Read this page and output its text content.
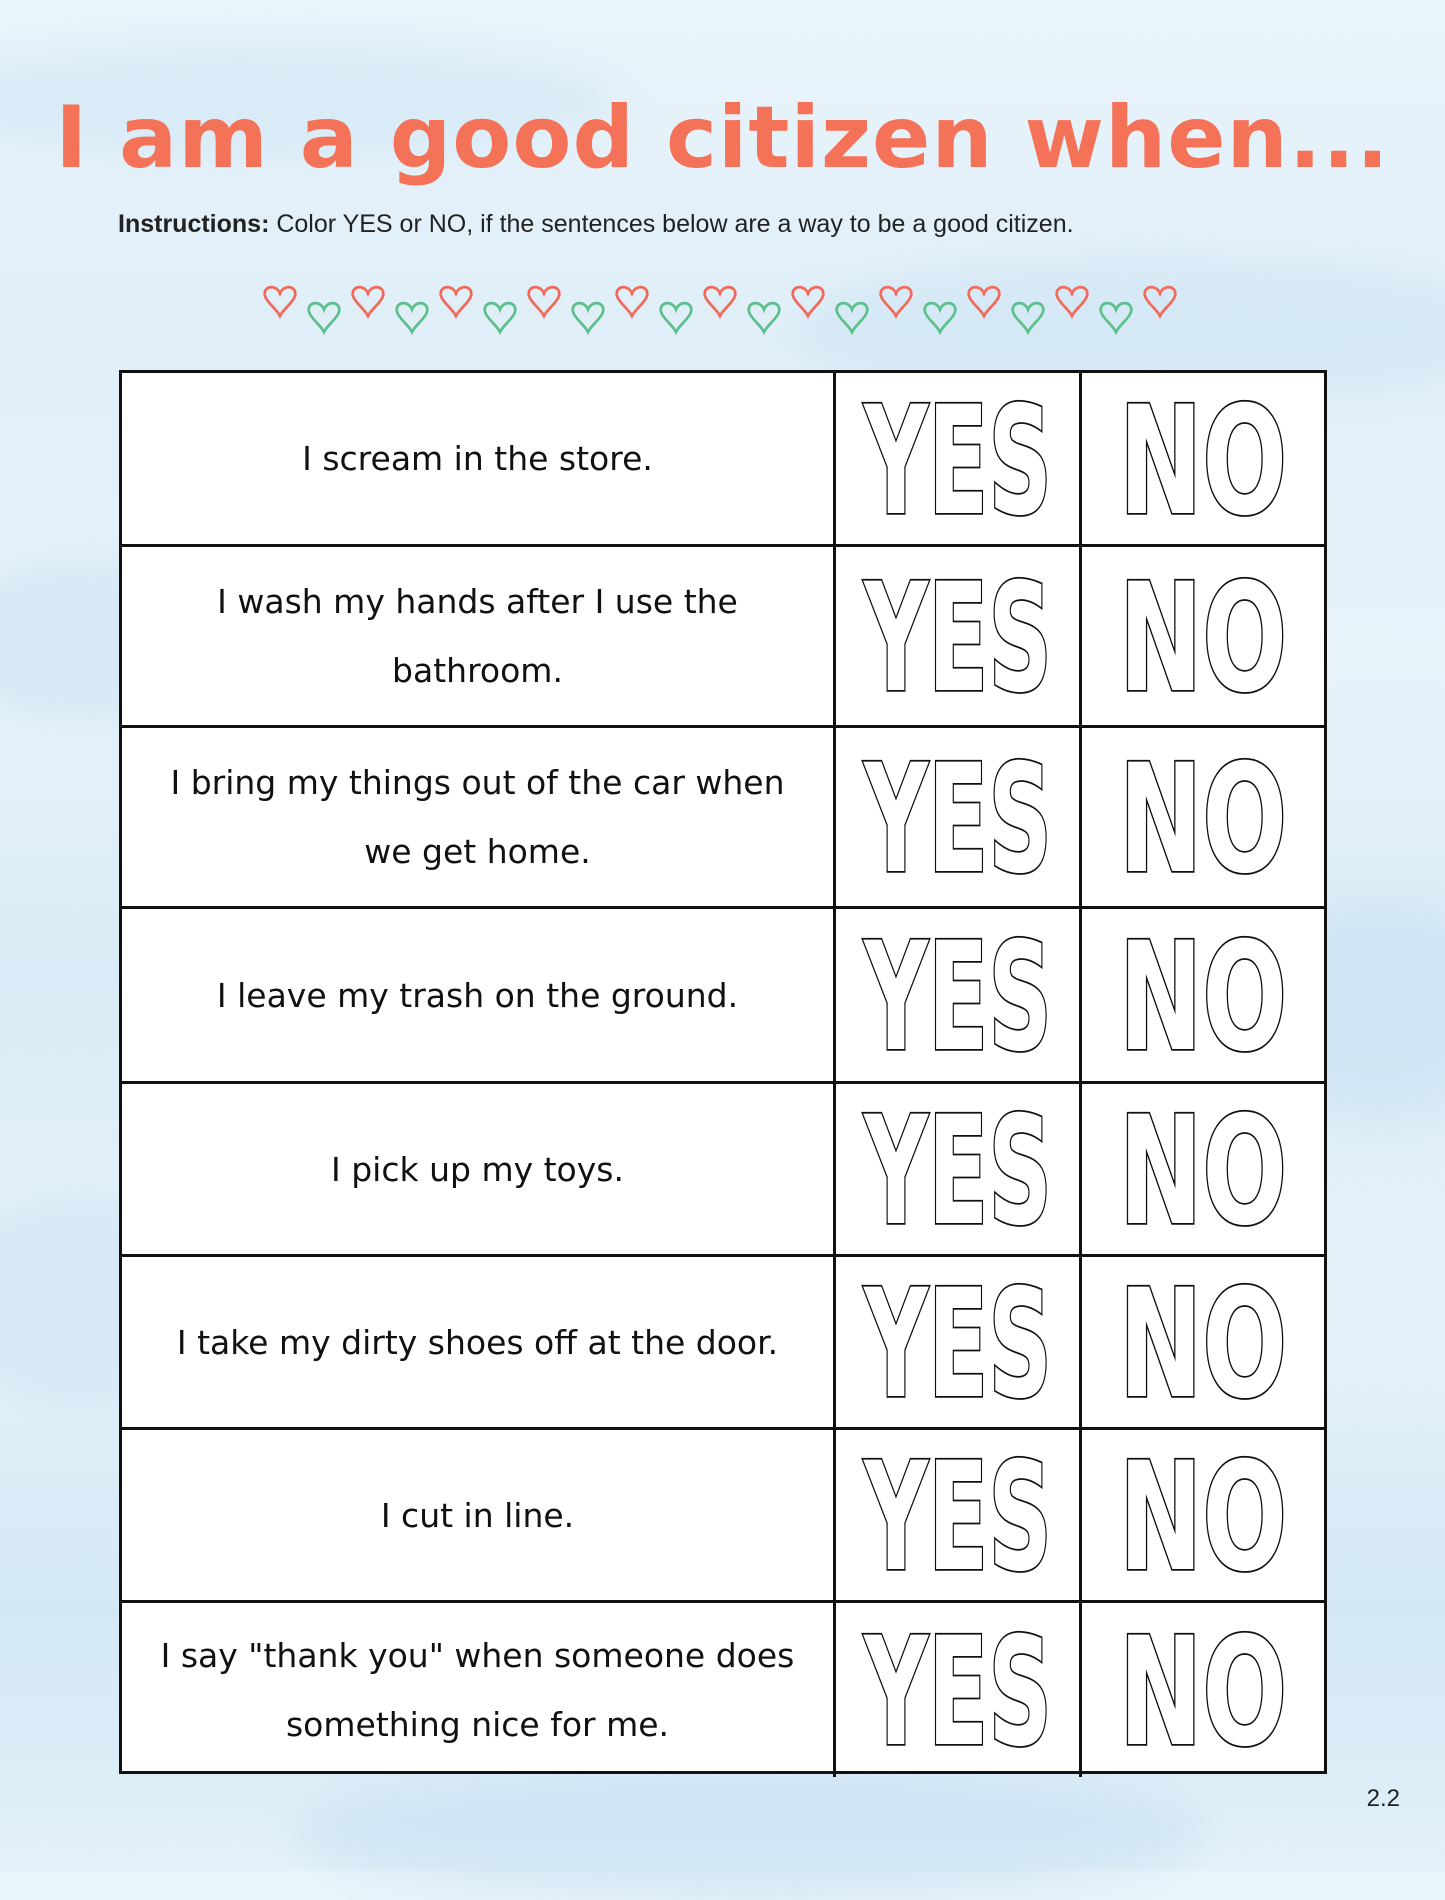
I am a good citizen when...
Instructions: Color YES or NO, if the sentences below are a way to be a good citizen.
I scream in the store.	YES NO
I wash my hands after I use the bathroom.	YES NO
I bring my things out of the car when we get home.	YES NO
I leave my trash on the ground. YES NO
I pick up my toys.	YES NO
I take my dirty shoes off at the door. YES NO
I cut in line.	YES NO
I say "thank you" when someone does something nice for me.	YES NO
2.2
